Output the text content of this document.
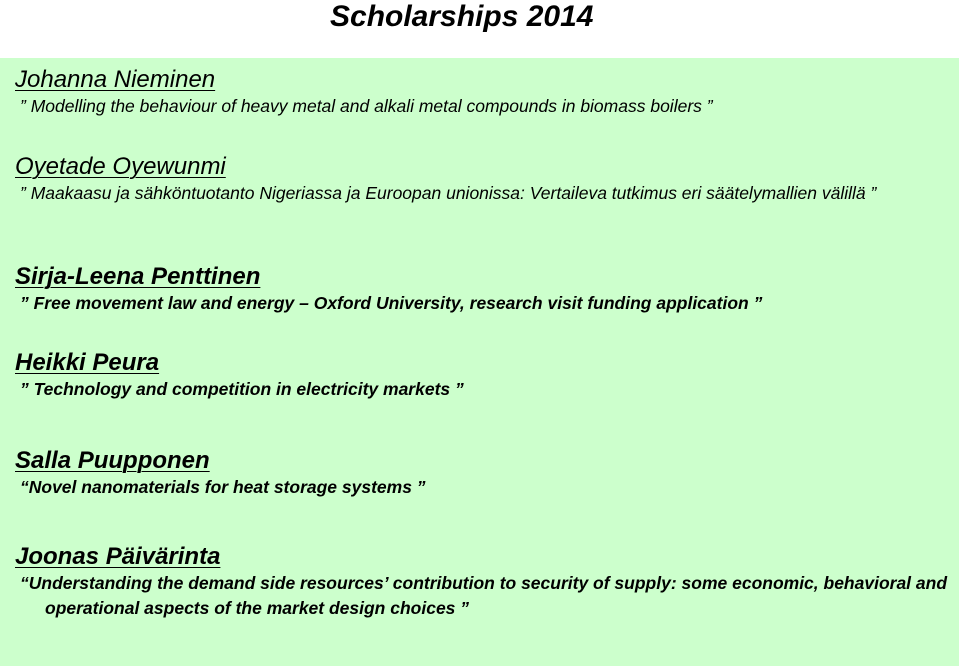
Scholarships 2014
Johanna Nieminen
” Modelling the behaviour of heavy metal and alkali metal compounds in biomass boilers ”
Oyetade Oyewunmi
” Maakaasu ja sähköntuotanto Nigeriassa ja Euroopan unionissa: Vertaileva tutkimus eri säätelymallien välillä ”
Sirja-Leena Penttinen
” Free movement law and energy – Oxford University, research visit funding application ”
Heikki Peura
” Technology and competition in electricity markets ”
Salla Puupponen
“Novel nanomaterials for heat storage systems ”
Joonas Päivärinta
“Understanding the demand side resources’ contribution to security of supply: some economic, behavioral and operational aspects of the market design choices ”
